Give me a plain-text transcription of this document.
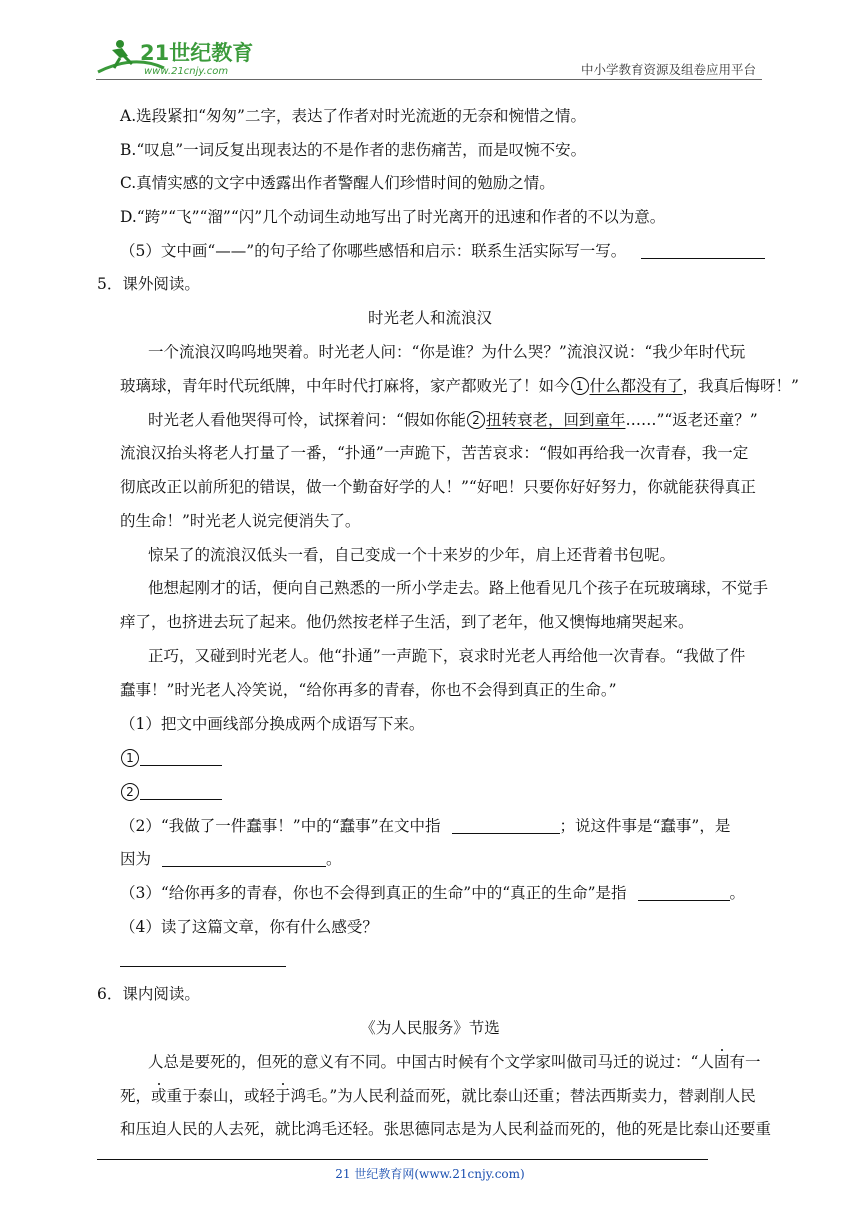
21世纪教育
www.21cnjy.com	中小学教育资源及组卷应用平台
A.选段紧扣“匆匆”二字，表达了作者对时光流逝的无奈和惋惜之情。
B.“叹息”一词反复出现表达的不是作者的悲伤痛苦，而是叹惋不安。
C.真情实感的文字中透露出作者警醒人们珍惜时间的勉励之情。
D.“跨”“飞”“溜”“闪”几个动词生动地写出了时光离开的迅速和作者的不以为意。
（5）文中画“——”的句子给了你哪些感悟和启示：联系生活实际写一写。
5．课外阅读。
时光老人和流浪汉
一个流浪汉呜呜地哭着。时光老人问：“你是谁？为什么哭？”流浪汉说：“我少年时代玩
玻璃球，青年时代玩纸牌，中年时代打麻将，家产都败光了！如今 1 什么都没有了，我真后悔呀！”
时光老人看他哭得可怜，试探着问：“假如你能 2 扭转衰老，回到童年……”“返老还童？”
流浪汉抬头将老人打量了一番，“扑通”一声跪下，苦苦哀求：“假如再给我一次青春，我一定
彻底改正以前所犯的错误，做一个勤奋好学的人！”“好吧！只要你好好努力，你就能获得真正
的生命！”时光老人说完便消失了。
惊呆了的流浪汉低头一看，自己变成一个十来岁的少年，肩上还背着书包呢。
他想起刚才的话，便向自己熟悉的一所小学走去。路上他看见几个孩子在玩玻璃球，不觉手
痒了，也挤进去玩了起来。他仍然按老样子生活，到了老年，他又懊悔地痛哭起来。
正巧，又碰到时光老人。他“扑通”一声跪下，哀求时光老人再给他一次青春。“我做了件
蠢事！”时光老人冷笑说，“给你再多的青春，你也不会得到真正的生命。”
（1）把文中画线部分换成两个成语写下来。
1
2
（2）“我做了一件蠢事！”中的“蠢事”在文中指	；说这件事是“蠢事”，是
因为	。
（3）“给你再多的青春，你也不会得到真正的生命”中的“真正的生命”是指	。
（4）读了这篇文章，你有什么感受？
6．课内阅读。
《为人民服务》节选
人总是要死的，但死的意义有不同。中国古时候有个文学家叫做司马迁的说过：“人固有一
死，或重于泰山，或轻于鸿毛。”为人民利益而死，就比泰山还重；替法西斯卖力，替剥削人民
和压迫人民的人去死，就比鸿毛还轻。张思德同志是为人民利益而死的，他的死是比泰山还要重
21 世纪教育网(www.21cnjy.com)
